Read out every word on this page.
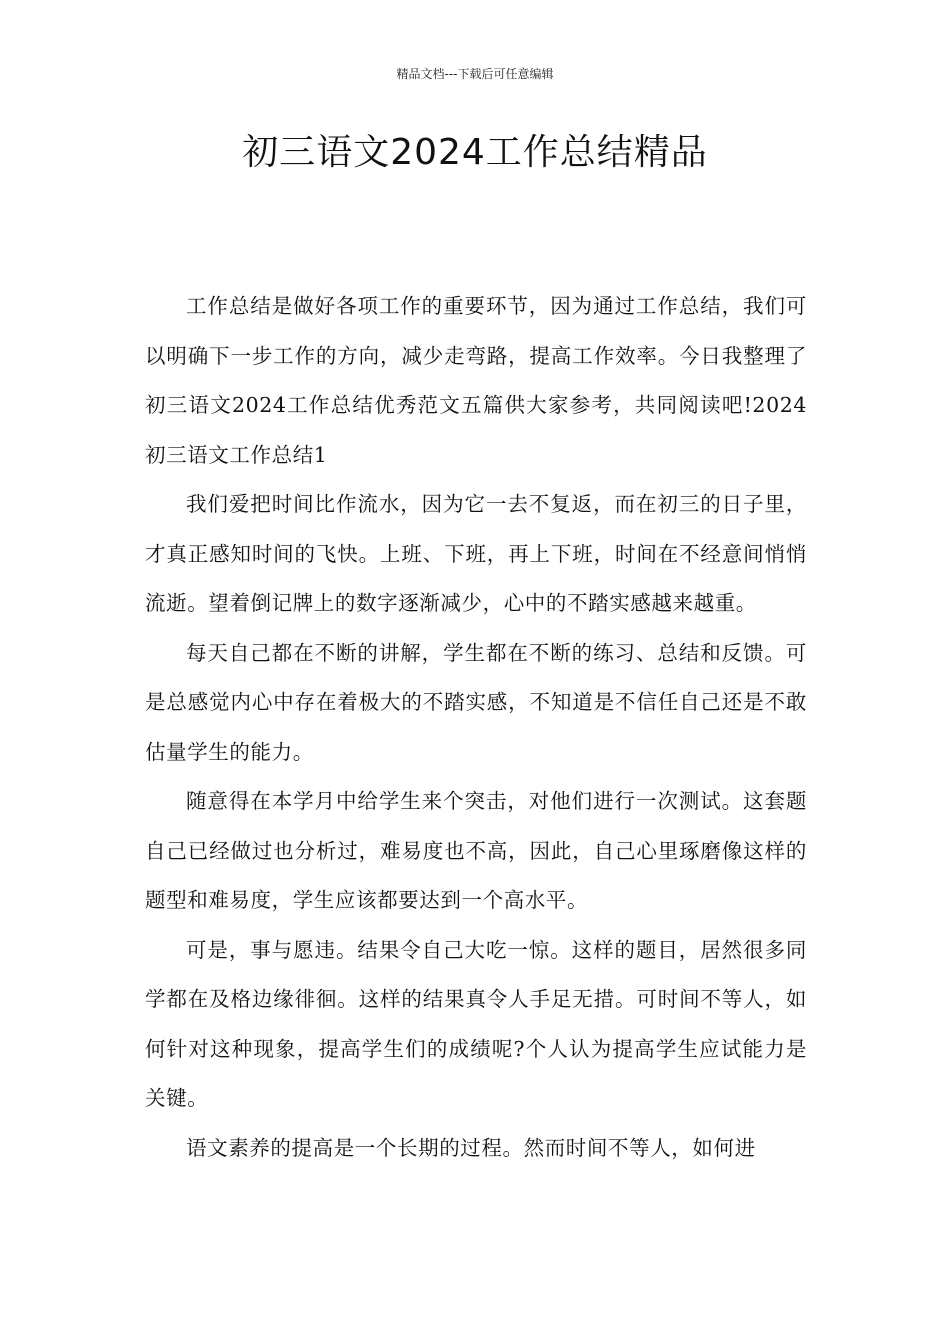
精品文档---下载后可任意编辑
初三语文2024工作总结精品

工作总结是做好各项工作的重要环节，因为通过工作总结，我们可以明确下一步工作的方向，减少走弯路，提高工作效率。今日我整理了初三语文2024工作总结优秀范文五篇供大家参考，共同阅读吧!2024初三语文工作总结1

我们爱把时间比作流水，因为它一去不复返，而在初三的日子里，才真正感知时间的飞快。上班、下班，再上下班，时间在不经意间悄悄流逝。望着倒记牌上的数字逐渐减少，心中的不踏实感越来越重。

每天自己都在不断的讲解，学生都在不断的练习、总结和反馈。可是总感觉内心中存在着极大的不踏实感，不知道是不信任自己还是不敢估量学生的能力。

随意得在本学月中给学生来个突击，对他们进行一次测试。这套题自己已经做过也分析过，难易度也不高，因此，自己心里琢磨像这样的题型和难易度，学生应该都要达到一个高水平。

可是，事与愿违。结果令自己大吃一惊。这样的题目，居然很多同学都在及格边缘徘徊。这样的结果真令人手足无措。可时间不等人，如何针对这种现象，提高学生们的成绩呢?个人认为提高学生应试能力是关键。

语文素养的提高是一个长期的过程。然而时间不等人，如何进
